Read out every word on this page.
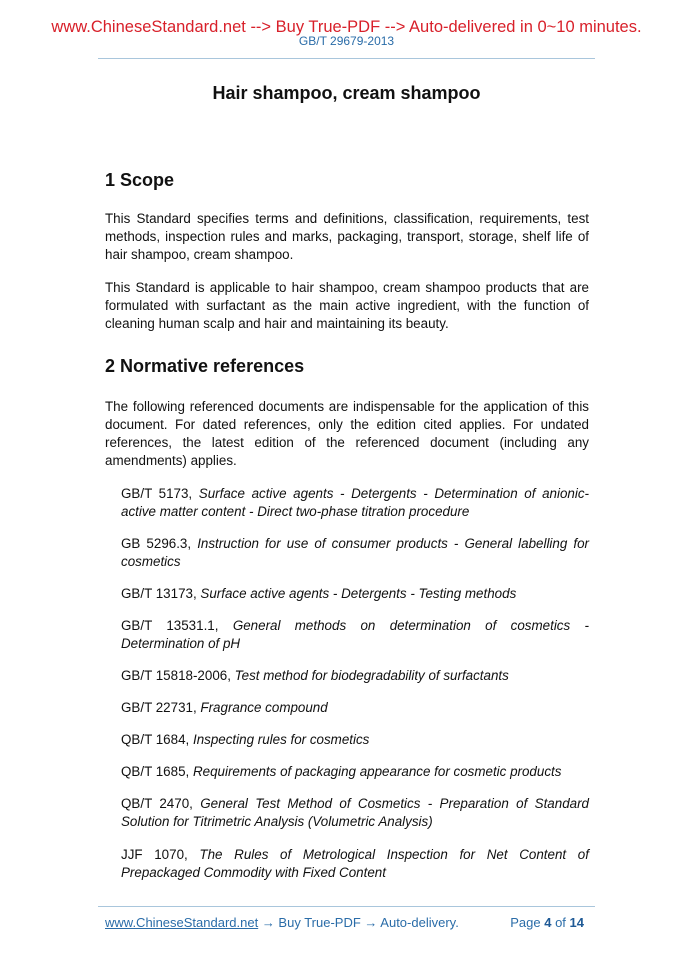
www.ChineseStandard.net --> Buy True-PDF --> Auto-delivered in 0~10 minutes.
GB/T 29679-2013
Hair shampoo, cream shampoo
1 Scope
This Standard specifies terms and definitions, classification, requirements, test methods, inspection rules and marks, packaging, transport, storage, shelf life of hair shampoo, cream shampoo.
This Standard is applicable to hair shampoo, cream shampoo products that are formulated with surfactant as the main active ingredient, with the function of cleaning human scalp and hair and maintaining its beauty.
2 Normative references
The following referenced documents are indispensable for the application of this document. For dated references, only the edition cited applies. For undated references, the latest edition of the referenced document (including any amendments) applies.
GB/T 5173, Surface active agents - Detergents - Determination of anionic-active matter content - Direct two-phase titration procedure
GB 5296.3, Instruction for use of consumer products - General labelling for cosmetics
GB/T 13173, Surface active agents - Detergents - Testing methods
GB/T 13531.1, General methods on determination of cosmetics - Determination of pH
GB/T 15818-2006, Test method for biodegradability of surfactants
GB/T 22731, Fragrance compound
QB/T 1684, Inspecting rules for cosmetics
QB/T 1685, Requirements of packaging appearance for cosmetic products
QB/T 2470, General Test Method of Cosmetics - Preparation of Standard Solution for Titrimetric Analysis (Volumetric Analysis)
JJF 1070, The Rules of Metrological Inspection for Net Content of Prepackaged Commodity with Fixed Content
www.ChineseStandard.net → Buy True-PDF → Auto-delivery.	Page 4 of 14
